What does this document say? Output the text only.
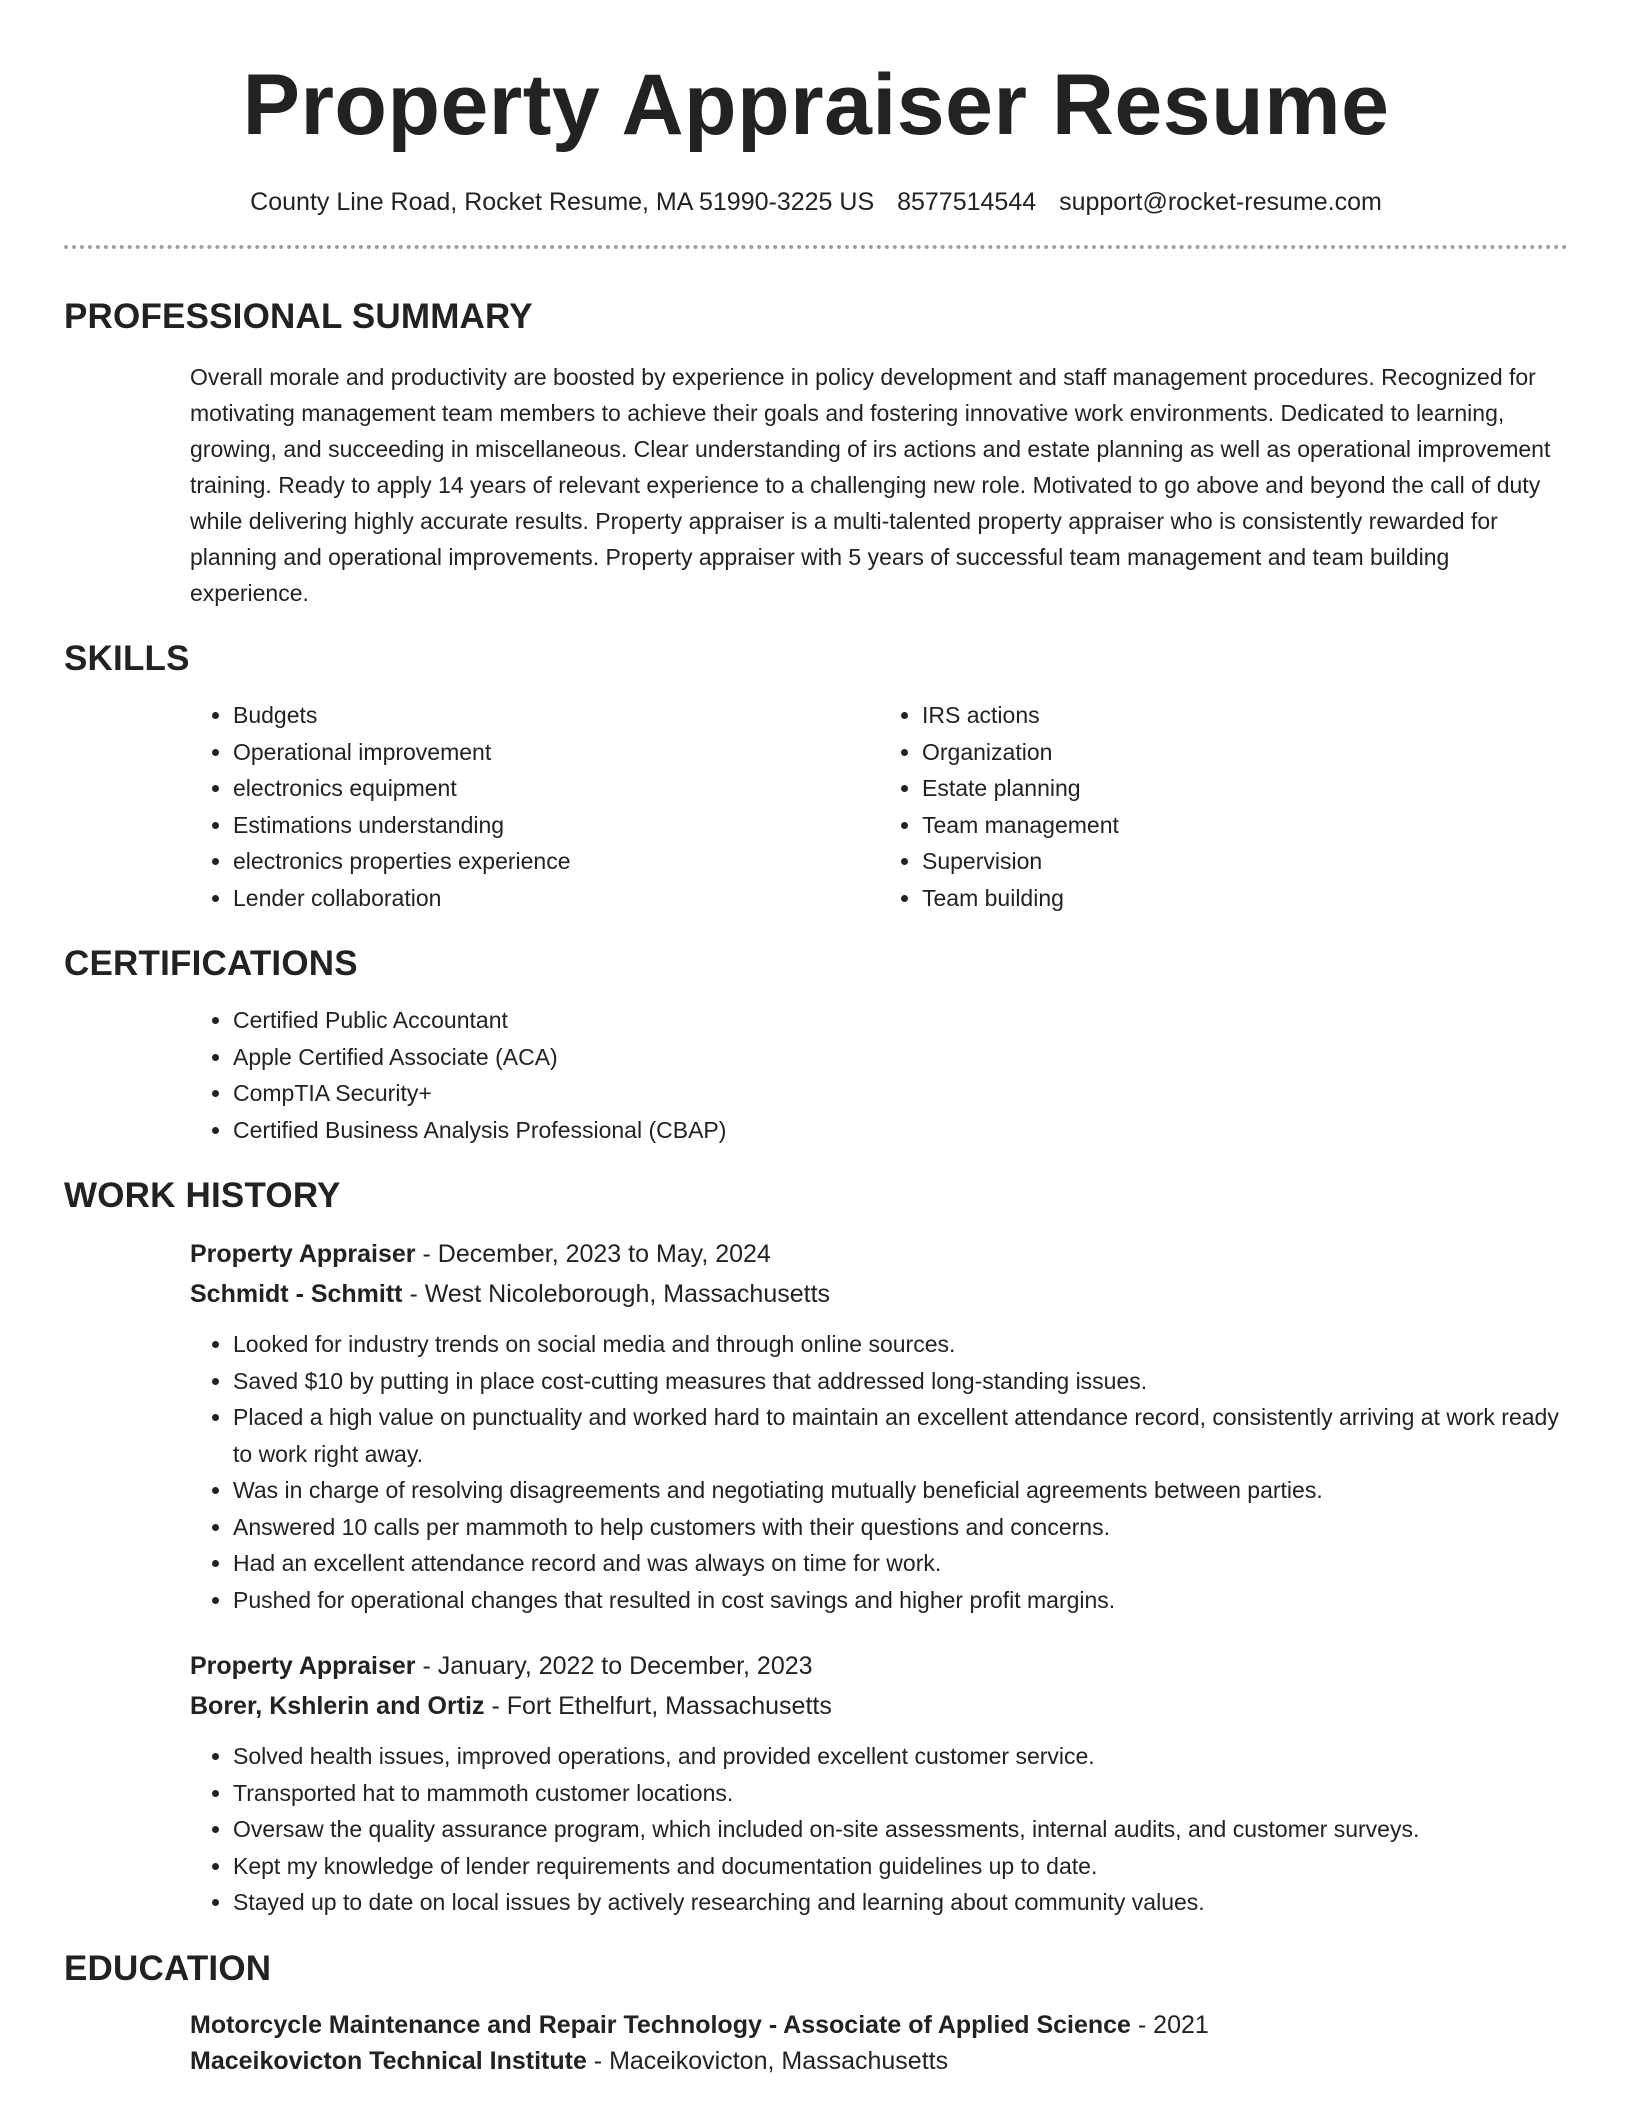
Property Appraiser Resume
County Line Road, Rocket Resume, MA 51990-3225 US 8577514544 support@rocket-resume.com
PROFESSIONAL SUMMARY
Overall morale and productivity are boosted by experience in policy development and staff management procedures. Recognized for motivating management team members to achieve their goals and fostering innovative work environments. Dedicated to learning, growing, and succeeding in miscellaneous. Clear understanding of irs actions and estate planning as well as operational improvement training. Ready to apply 14 years of relevant experience to a challenging new role. Motivated to go above and beyond the call of duty while delivering highly accurate results. Property appraiser is a multi-talented property appraiser who is consistently rewarded for planning and operational improvements. Property appraiser with 5 years of successful team management and team building experience.
SKILLS
• Budgets
• Operational improvement
• electronics equipment
• Estimations understanding
• electronics properties experience
• Lender collaboration
• IRS actions
• Organization
• Estate planning
• Team management
• Supervision
• Team building
CERTIFICATIONS
• Certified Public Accountant
• Apple Certified Associate (ACA)
• CompTIA Security+
• Certified Business Analysis Professional (CBAP)
WORK HISTORY
Property Appraiser - December, 2023 to May, 2024
Schmidt - Schmitt - West Nicoleborough, Massachusetts
• Looked for industry trends on social media and through online sources.
• Saved $10 by putting in place cost-cutting measures that addressed long-standing issues.
• Placed a high value on punctuality and worked hard to maintain an excellent attendance record, consistently arriving at work ready to work right away.
• Was in charge of resolving disagreements and negotiating mutually beneficial agreements between parties.
• Answered 10 calls per mammoth to help customers with their questions and concerns.
• Had an excellent attendance record and was always on time for work.
• Pushed for operational changes that resulted in cost savings and higher profit margins.
Property Appraiser - January, 2022 to December, 2023
Borer, Kshlerin and Ortiz - Fort Ethelfurt, Massachusetts
• Solved health issues, improved operations, and provided excellent customer service.
• Transported hat to mammoth customer locations.
• Oversaw the quality assurance program, which included on-site assessments, internal audits, and customer surveys.
• Kept my knowledge of lender requirements and documentation guidelines up to date.
• Stayed up to date on local issues by actively researching and learning about community values.
EDUCATION
Motorcycle Maintenance and Repair Technology - Associate of Applied Science - 2021
Maceikovicton Technical Institute - Maceikovicton, Massachusetts
